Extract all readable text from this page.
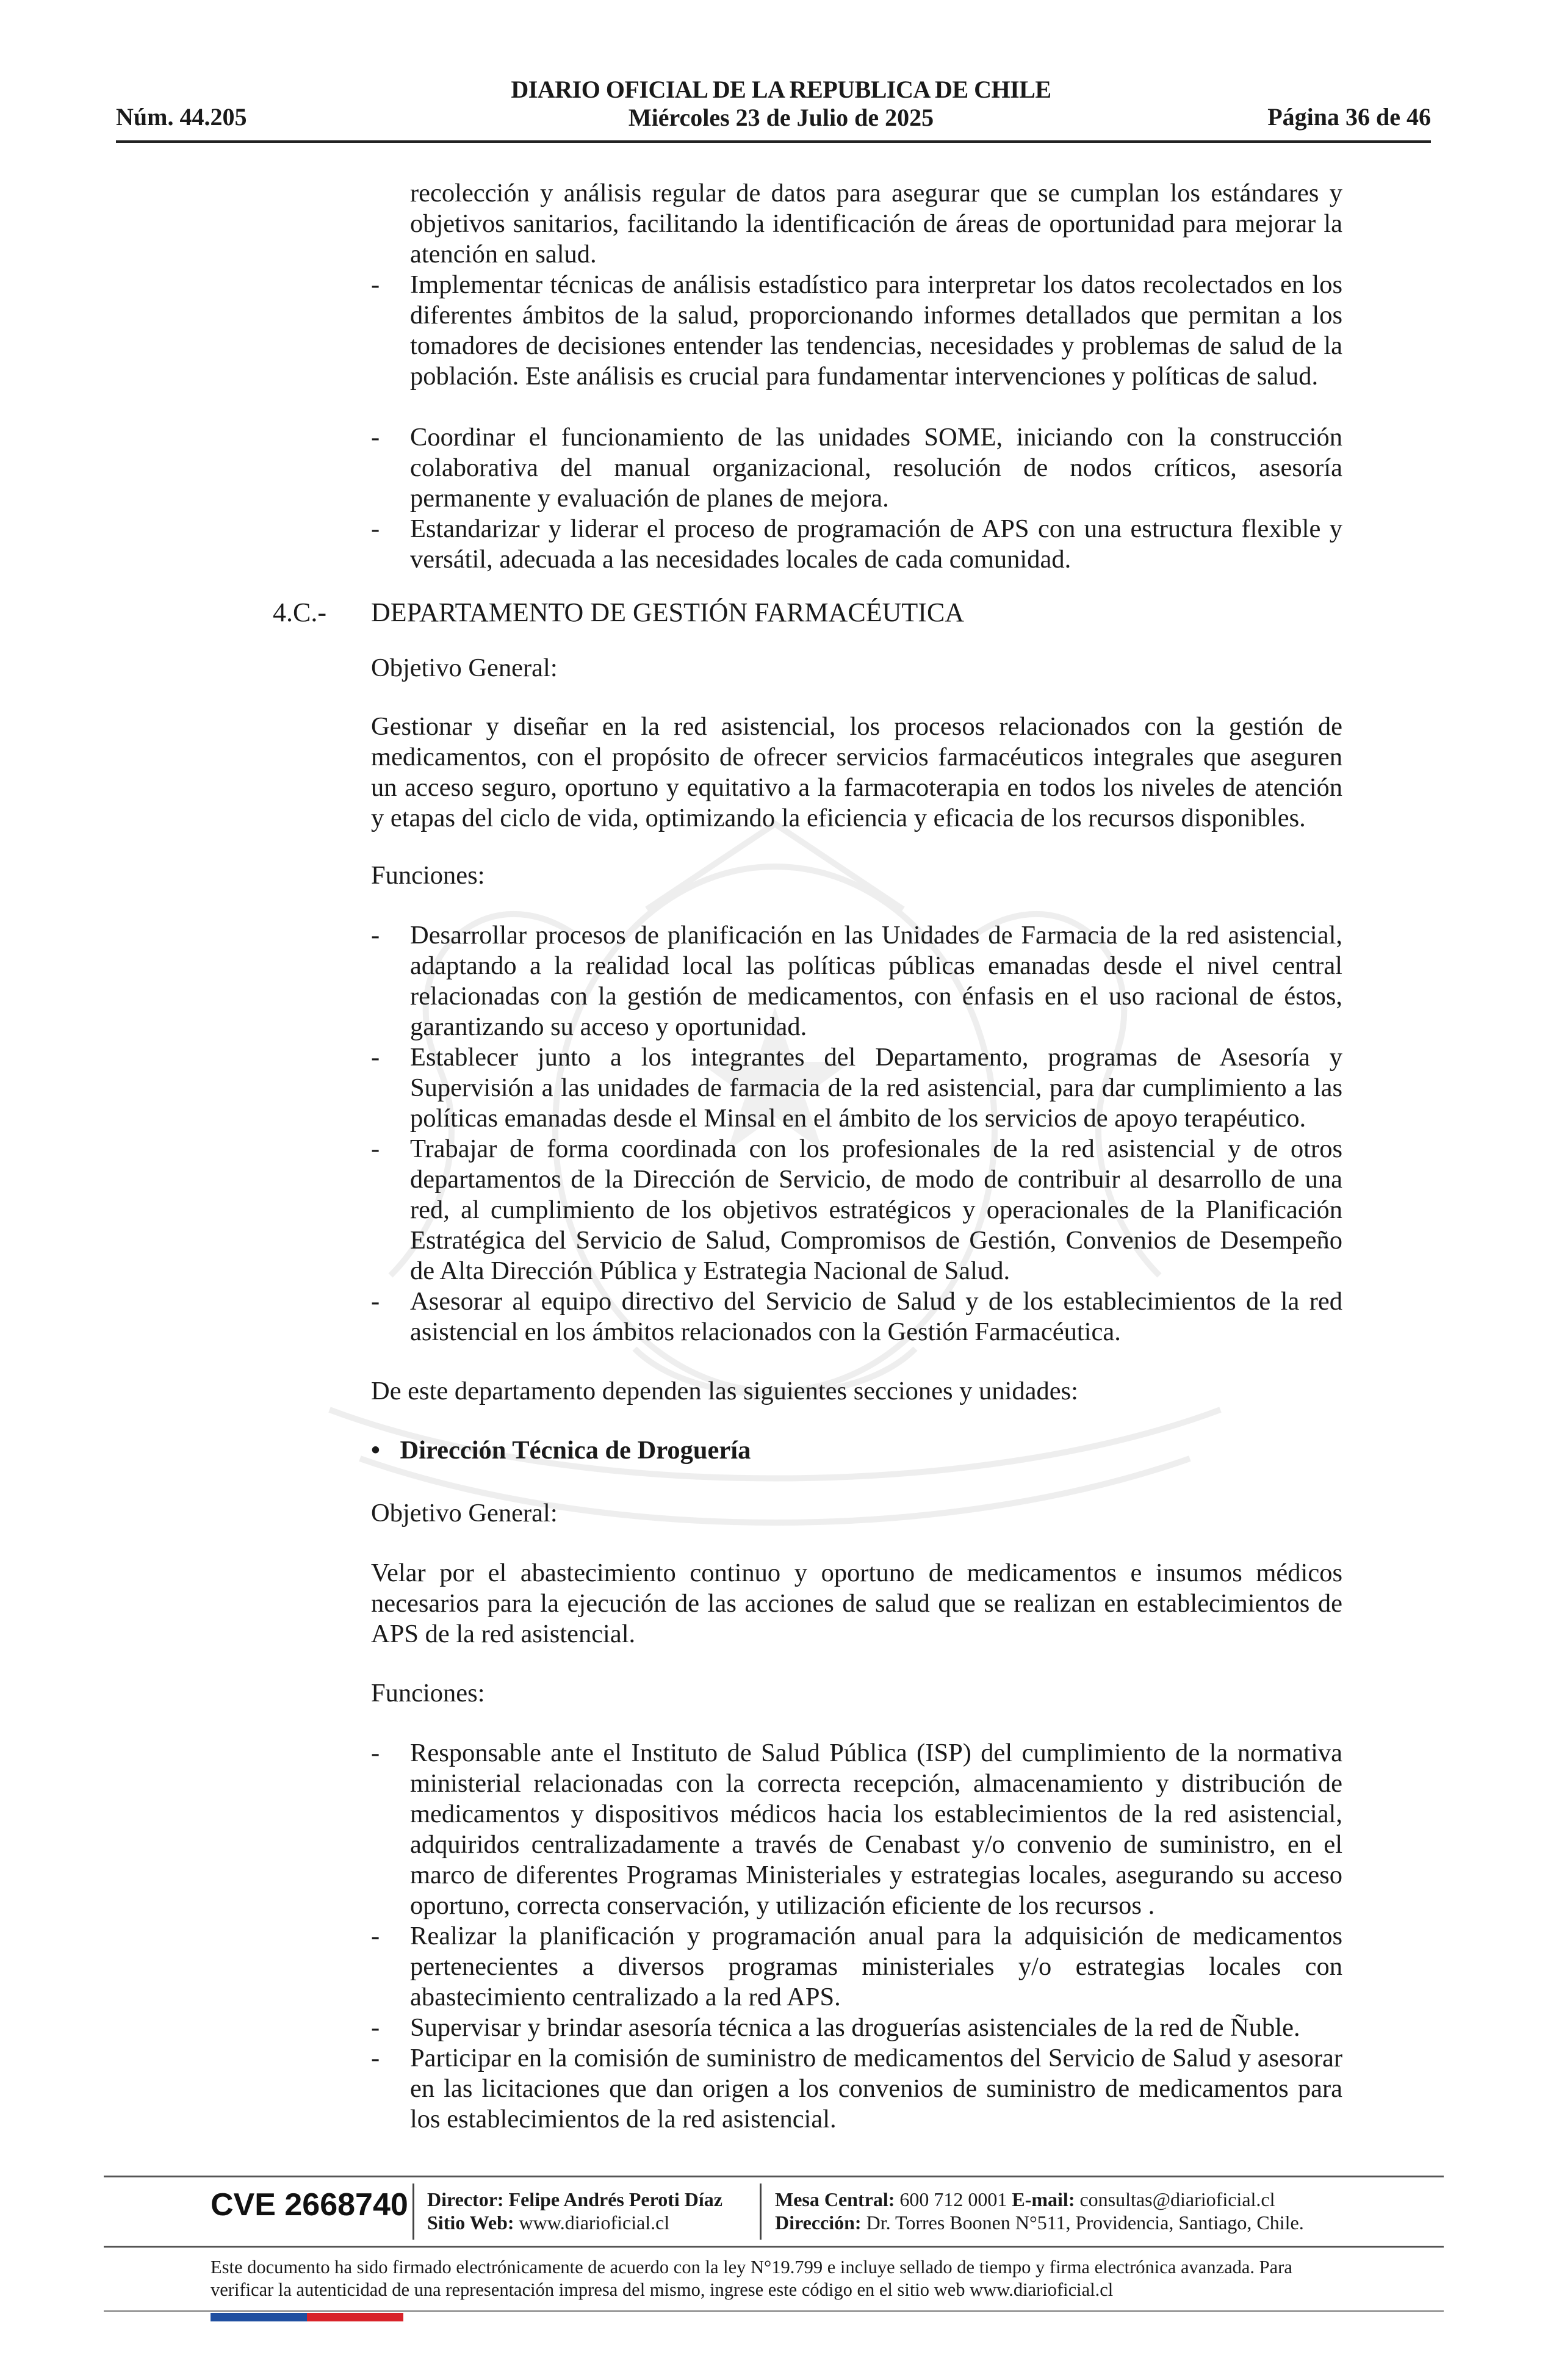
Núm. 44.205
DIARIO OFICIAL DE LA REPUBLICA DE CHILE
Miércoles 23 de Julio de 2025	Página 36 de 46
recolección y análisis regular de datos para asegurar que se cumplan los estándares y objetivos sanitarios, facilitando la identificación de áreas de oportunidad para mejorar la atención en salud.
- Implementar técnicas de análisis estadístico para interpretar los datos recolectados en los diferentes ámbitos de la salud, proporcionando informes detallados que permitan a los tomadores de decisiones entender las tendencias, necesidades y problemas de salud de la población. Este análisis es crucial para fundamentar intervenciones y políticas de salud.
- Coordinar el funcionamiento de las unidades SOME, iniciando con la construcción colaborativa del manual organizacional, resolución de nodos críticos, asesoría permanente y evaluación de planes de mejora.
- Estandarizar y liderar el proceso de programación de APS con una estructura flexible y versátil, adecuada a las necesidades locales de cada comunidad.
4.C.- DEPARTAMENTO DE GESTIÓN FARMACÉUTICA
Objetivo General:
Gestionar y diseñar en la red asistencial, los procesos relacionados con la gestión de medicamentos, con el propósito de ofrecer servicios farmacéuticos integrales que aseguren un acceso seguro, oportuno y equitativo a la farmacoterapia en todos los niveles de atención y etapas del ciclo de vida, optimizando la eficiencia y eficacia de los recursos disponibles.
Funciones:
- Desarrollar procesos de planificación en las Unidades de Farmacia de la red asistencial, adaptando a la realidad local las políticas públicas emanadas desde el nivel central relacionadas con la gestión de medicamentos, con énfasis en el uso racional de éstos, garantizando su acceso y oportunidad.
- Establecer junto a los integrantes del Departamento, programas de Asesoría y Supervisión a las unidades de farmacia de la red asistencial, para dar cumplimiento a las políticas emanadas desde el Minsal en el ámbito de los servicios de apoyo terapéutico.
- Trabajar de forma coordinada con los profesionales de la red asistencial y de otros departamentos de la Dirección de Servicio, de modo de contribuir al desarrollo de una red, al cumplimiento de los objetivos estratégicos y operacionales de la Planificación Estratégica del Servicio de Salud, Compromisos de Gestión, Convenios de Desempeño de Alta Dirección Pública y Estrategia Nacional de Salud.
- Asesorar al equipo directivo del Servicio de Salud y de los establecimientos de la red asistencial en los ámbitos relacionados con la Gestión Farmacéutica.
De este departamento dependen las siguientes secciones y unidades:
• Dirección Técnica de Droguería
Objetivo General:
Velar por el abastecimiento continuo y oportuno de medicamentos e insumos médicos necesarios para la ejecución de las acciones de salud que se realizan en establecimientos de APS de la red asistencial.
Funciones:
- Responsable ante el Instituto de Salud Pública (ISP) del cumplimiento de la normativa ministerial relacionadas con la correcta recepción, almacenamiento y distribución de medicamentos y dispositivos médicos hacia los establecimientos de la red asistencial, adquiridos centralizadamente a través de Cenabast y/o convenio de suministro, en el marco de diferentes Programas Ministeriales y estrategias locales, asegurando su acceso oportuno, correcta conservación, y utilización eficiente de los recursos .
- Realizar la planificación y programación anual para la adquisición de medicamentos pertenecientes a diversos programas ministeriales y/o estrategias locales con abastecimiento centralizado a la red APS.
- Supervisar y brindar asesoría técnica a las droguerías asistenciales de la red de Ñuble.
- Participar en la comisión de suministro de medicamentos del Servicio de Salud y asesorar en las licitaciones que dan origen a los convenios de suministro de medicamentos para los establecimientos de la red asistencial.
CVE 2668740 Director: Felipe Andrés Peroti Díaz
Sitio Web: www.diarioficial.cl
Mesa Central: 600 712 0001 E-mail: consultas@diarioficial.cl
Dirección: Dr. Torres Boonen N°511, Providencia, Santiago, Chile.
Este documento ha sido firmado electrónicamente de acuerdo con la ley N°19.799 e incluye sellado de tiempo y firma electrónica avanzada. Para verificar la autenticidad de una representación impresa del mismo, ingrese este código en el sitio web www.diarioficial.cl
